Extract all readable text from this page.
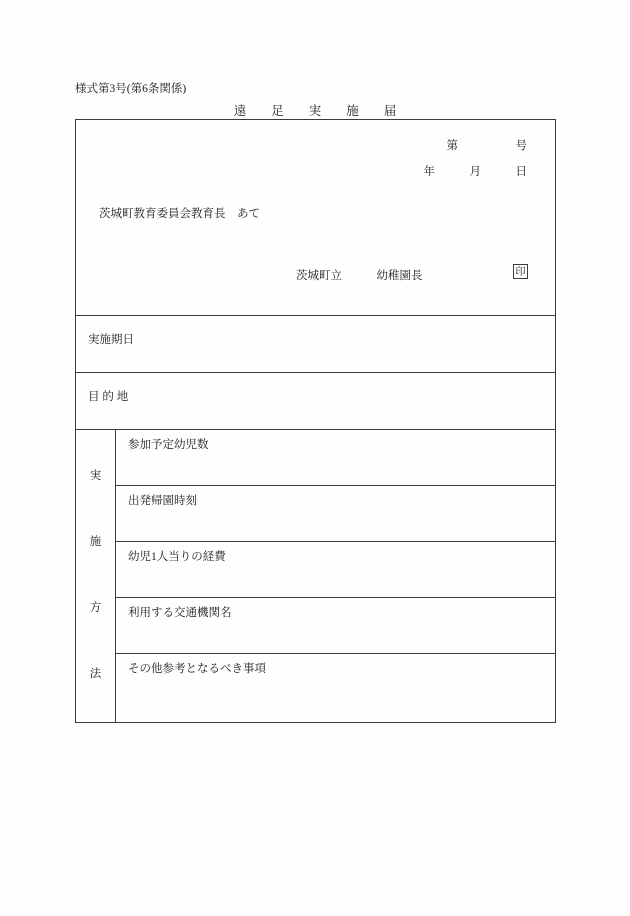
様式第3号(第6条関係)
遠　　足　　実　　施　　届
第　　　　　号
年　　　月　　　日
茨城町教育委員会教育長　あて
茨城町立　　　幼稚園長	印
実施期日
目 的 地
実
施
方
法
参加予定幼児数
出発帰園時刻
幼児1人当りの経費
利用する交通機関名
その他参考となるべき事項
